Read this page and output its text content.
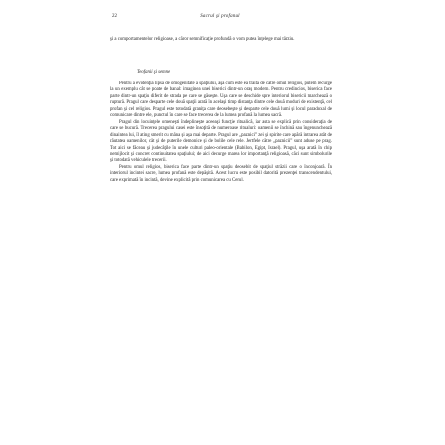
22	Sacrul şi profanul
şi a comportamentelor religioase, a căror semnificaţie profundă o vom putea înţelege mai târziu.
Teofanii şi semne

Pentru a evidenţia lipsa de omogenitate a spaţiului, aşa cum este ea trăită de către omul religios, putem recurge la un exemplu cât se poate de banal: imaginea unei biserici dintr-un oraş modern. Pentru credincios, biserica face parte dintr-un spaţiu diferit de strada pe care se găseşte. Uşa care se deschide spre interiorul bisericii marchează o ruptură. Pragul care desparte cele două spaţii arată în acelaşi timp distanţa dintre cele două moduri de existenţă, cel profan şi cel religios. Pragul este totodată graniţa care deosebeşte şi desparte cele două lumi şi locul paradoxal de comunicare dintre ele, punctul în care se face trecerea de la lumea profană la lumea sacră.

Pragul din locuinţele omeneşti îndeplineşte aceeaşi funcţie ritualică, iar asta se explică prin consideraţia de care se bucură. Trecerea pragului casei este însoţită de numeroase ritualuri: oamenii se închină sau îngenunchează dinaintea lui, îl ating smerit cu mâna şi aşa mai departe. Pragul are „paznici” zei şi spirite care apără intrarea atât de răutatea oamenilor, cât şi de puterile demonice şi de bolile cele rele. Jertfele către „paznicii” sunt aduse pe prag. Tot aici se făceau şi judecăţile în unele culturi paleo-orientale (Babilon, Egipt, Israel). Pragul, uşa arată în chip nemijlocit şi concret continuitatea spaţiului; de aici decurge marea lor importanţă religioasă, căci sunt simbolurile şi totodată vehiculele trecerii.

Pentru omul religios, biserica face parte dintr-un spaţiu deosebit de spaţiul străzii care o înconjoară. În interiorul incintei sacre, lumea profană este depăşită. Acest lucru este posibil datorită prezenţei transcendentului, care exprimată în incintă, devine explicită prin comunicarea cu Cerul.
